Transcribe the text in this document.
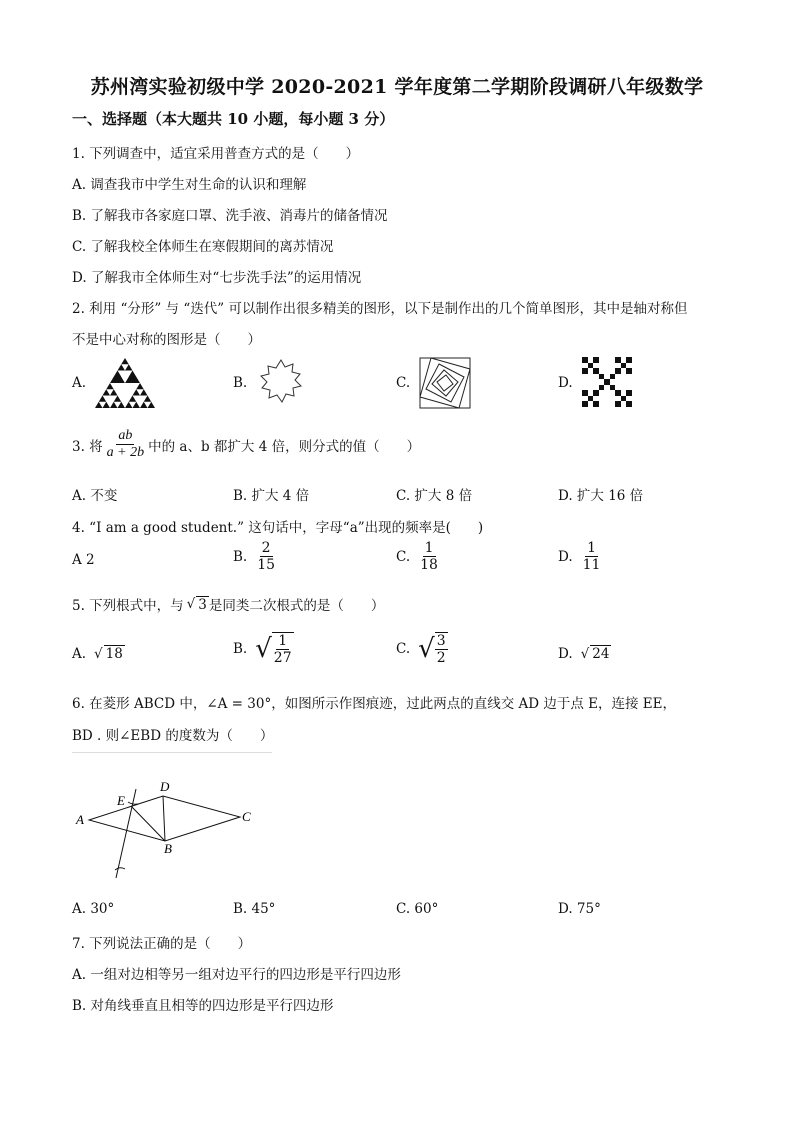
苏州湾实验初级中学 2020-2021 学年度第二学期阶段调研八年级数学
一、选择题（本大题共 10 小题，每小题 3 分）
1. 下列调查中，适宜采用普查方式的是（　　）
A. 调查我市中学生对生命的认识和理解
B. 了解我市各家庭口罩、洗手液、消毒片的储备情况
C. 了解我校全体师生在寒假期间的离苏情况
D. 了解我市全体师生对“七步洗手法”的运用情况
2. 利用 “分形” 与 “迭代” 可以制作出很多精美的图形，以下是制作出的几个简单图形，其中是轴对称但
不是中心对称的图形是（　　）
A.	B.	C.	D.
3. 将 $\frac{ab}{a + 2b}$ 中的 a、b 都扩大 4 倍，则分式的值（　　）
A. 不变	B. 扩大 4 倍	C. 扩大 8 倍	D. 扩大 16 倍
4. “I am a good student.” 这句话中，字母“a”出现的频率是(　　)
A 2	B. $\frac{2}{15}$	C. $\frac{1}{18}$	D. $\frac{1}{11}$
5. 下列根式中，与 √ 3 是同类二次根式的是（　　）
A. √ 18	B. √ $\frac{1}{27}$	C. √ $\frac{3}{2}$	D. √ 24
6. 在菱形 ABCD 中，∠A = 30°，如图所示作图痕迹，过此两点的直线交 AD 边于点 E，连接 EE，
BD . 则∠EBD 的度数为（　　）
A
E
D
C
B
A. 30°	B. 45°	C. 60°	D. 75°
7. 下列说法正确的是（　　）
A. 一组对边相等另一组对边平行的四边形是平行四边形
B. 对角线垂直且相等的四边形是平行四边形
